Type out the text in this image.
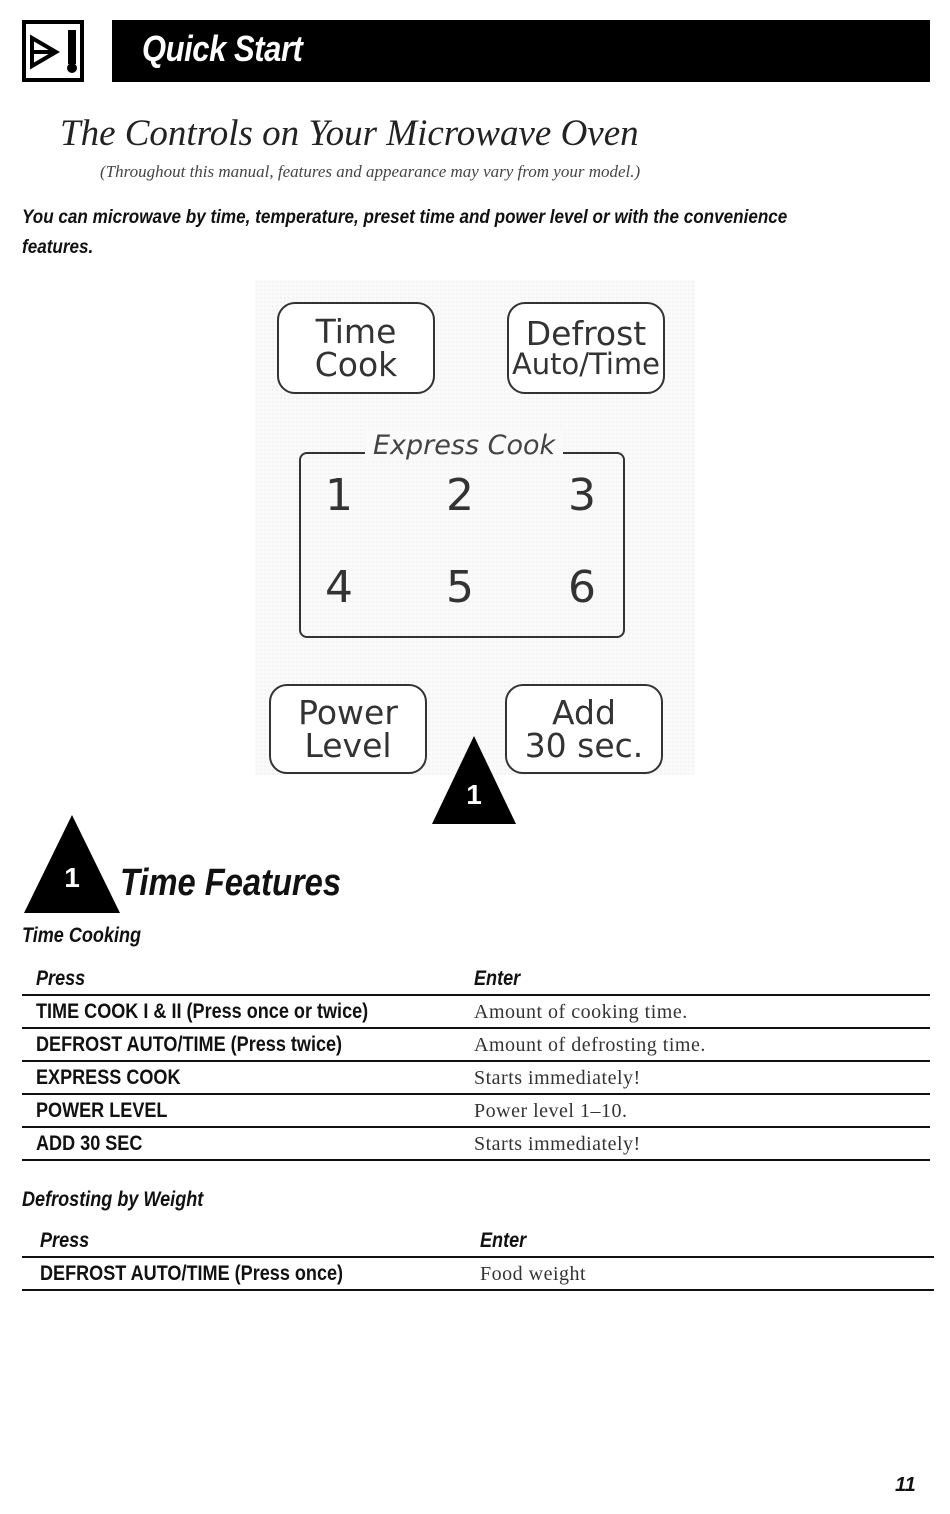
Quick Start
The Controls on Your Microwave Oven
(Throughout this manual, features and appearance may vary from your model.)
You can microwave by time, temperature, preset time and power level or with the convenience features.
Time
Cook
Defrost
Auto/Time
Express Cook
1	2	3
4	5	6
Power
Level
Add
30 sec.
1
1	Time Features
Time Cooking
Press	Enter
TIME COOK I & II (Press once or twice)	Amount of cooking time.
DEFROST AUTO/TIME (Press twice)	Amount of defrosting time.
EXPRESS COOK	Starts immediately!
POWER LEVEL	Power level 1–10.
ADD 30 SEC	Starts immediately!
Defrosting by Weight
Press	Enter
DEFROST AUTO/TIME (Press once)	Food weight
11
